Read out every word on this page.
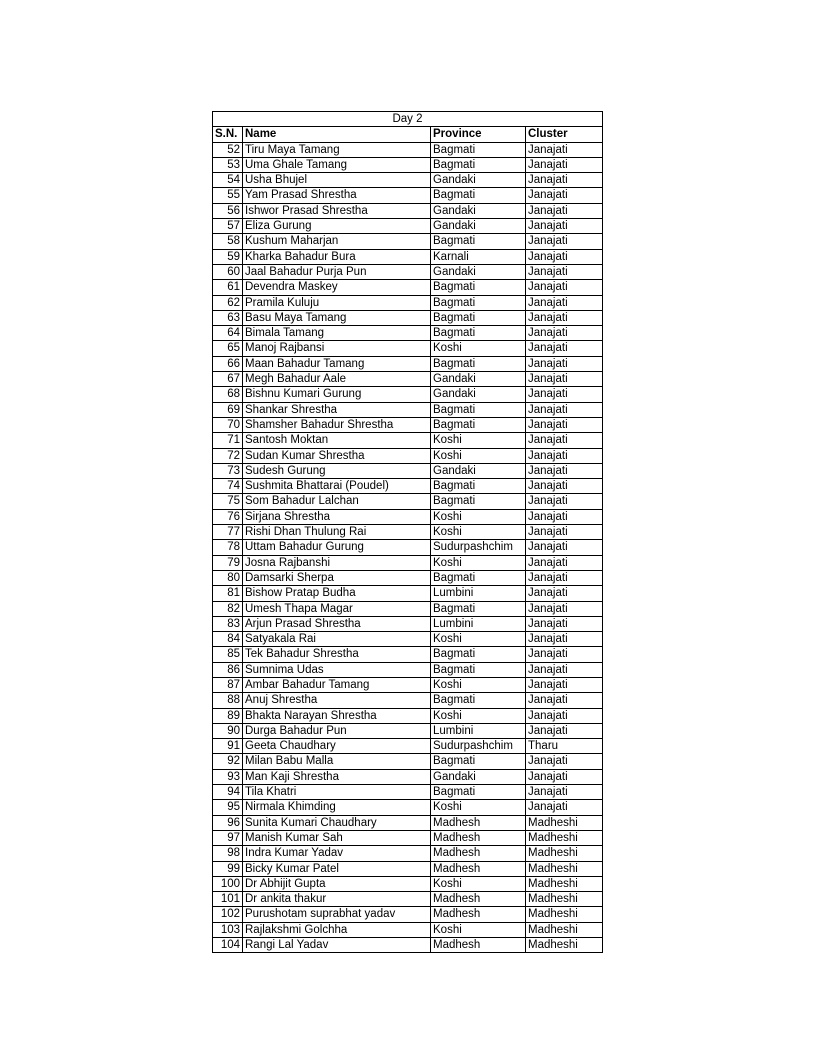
Day 2			
S.N.	Name	Province	Cluster
52	Tiru Maya Tamang	Bagmati	Janajati
53	Uma Ghale Tamang	Bagmati	Janajati
54	Usha Bhujel	Gandaki	Janajati
55	Yam Prasad Shrestha	Bagmati	Janajati
56	Ishwor Prasad Shrestha	Gandaki	Janajati
57	Eliza Gurung	Gandaki	Janajati
58	Kushum Maharjan	Bagmati	Janajati
59	Kharka Bahadur Bura	Karnali	Janajati
60	Jaal Bahadur Purja Pun	Gandaki	Janajati
61	Devendra Maskey	Bagmati	Janajati
62	Pramila Kuluju	Bagmati	Janajati
63	Basu Maya Tamang	Bagmati	Janajati
64	Bimala Tamang	Bagmati	Janajati
65	Manoj Rajbansi	Koshi	Janajati
66	Maan Bahadur Tamang	Bagmati	Janajati
67	Megh Bahadur Aale	Gandaki	Janajati
68	Bishnu Kumari Gurung	Gandaki	Janajati
69	Shankar Shrestha	Bagmati	Janajati
70	Shamsher Bahadur Shrestha	Bagmati	Janajati
71	Santosh Moktan	Koshi	Janajati
72	Sudan Kumar Shrestha	Koshi	Janajati
73	Sudesh Gurung	Gandaki	Janajati
74	Sushmita Bhattarai (Poudel)	Bagmati	Janajati
75	Som Bahadur Lalchan	Bagmati	Janajati
76	Sirjana Shrestha	Koshi	Janajati
77	Rishi Dhan Thulung Rai	Koshi	Janajati
78	Uttam Bahadur Gurung	Sudurpashchim	Janajati
79	Josna Rajbanshi	Koshi	Janajati
80	Damsarki Sherpa	Bagmati	Janajati
81	Bishow Pratap Budha	Lumbini	Janajati
82	Umesh Thapa Magar	Bagmati	Janajati
83	Arjun Prasad Shrestha	Lumbini	Janajati
84	Satyakala Rai	Koshi	Janajati
85	Tek Bahadur Shrestha	Bagmati	Janajati
86	Sumnima Udas	Bagmati	Janajati
87	Ambar Bahadur Tamang	Koshi	Janajati
88	Anuj Shrestha	Bagmati	Janajati
89	Bhakta Narayan Shrestha	Koshi	Janajati
90	Durga Bahadur Pun	Lumbini	Janajati
91	Geeta Chaudhary	Sudurpashchim	Tharu
92	Milan Babu Malla	Bagmati	Janajati
93	Man Kaji Shrestha	Gandaki	Janajati
94	Tila Khatri	Bagmati	Janajati
95	Nirmala Khimding	Koshi	Janajati
96	Sunita Kumari Chaudhary	Madhesh	Madheshi
97	Manish Kumar Sah	Madhesh	Madheshi
98	Indra Kumar Yadav	Madhesh	Madheshi
99	Bicky Kumar Patel	Madhesh	Madheshi
100	Dr Abhijit Gupta	Koshi	Madheshi
101	Dr ankita thakur	Madhesh	Madheshi
102	Purushotam suprabhat yadav	Madhesh	Madheshi
103	Rajlakshmi Golchha	Koshi	Madheshi
104	Rangi Lal Yadav	Madhesh	Madheshi
